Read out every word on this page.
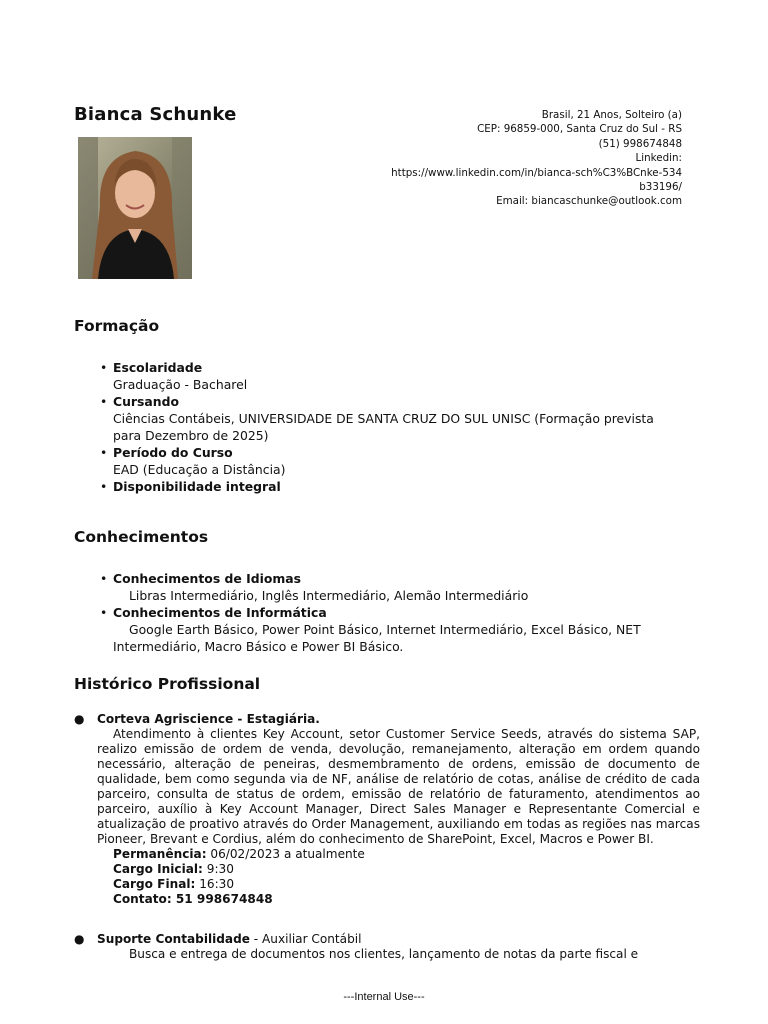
Bianca Schunke	Brasil, 21 Anos, Solteiro (a)
CEP: 96859-000, Santa Cruz do Sul - RS
(51) 998674848
Linkedin:
https://www.linkedin.com/in/bianca-sch%C3%BCnke-534
b33196/
Email: biancaschunke@outlook.com
Formação
• Escolaridade
Graduação - Bacharel
• Cursando
Ciências Contábeis, UNIVERSIDADE DE SANTA CRUZ DO SUL UNISC (Formação prevista
para Dezembro de 2025)
• Período do Curso
EAD (Educação a Distância)
• Disponibilidade integral
Conhecimentos
• Conhecimentos de Idiomas
Libras Intermediário, Inglês Intermediário, Alemão Intermediário
• Conhecimentos de Informática
Google Earth Básico, Power Point Básico, Internet Intermediário, Excel Básico, NET
Intermediário, Macro Básico e Power BI Básico.
Histórico Profissional
● Corteva Agriscience - Estagiária.
Atendimento à clientes Key Account, setor Customer Service Seeds, através do sistema SAP, realizo emissão de ordem de venda, devolução, remanejamento, alteração em ordem quando necessário, alteração de peneiras, desmembramento de ordens, emissão de documento de qualidade, bem como segunda via de NF, análise de relatório de cotas, análise de crédito de cada parceiro, consulta de status de ordem, emissão de relatório de faturamento, atendimentos ao parceiro, auxílio à Key Account Manager, Direct Sales Manager e Representante Comercial e atualização de proativo através do Order Management, auxiliando em todas as regiões nas marcas Pioneer, Brevant e Cordius, além do conhecimento de SharePoint, Excel, Macros e Power BI.
Permanência: 06/02/2023 a atualmente
Cargo Inicial: 9:30
Cargo Final: 16:30
Contato: 51 998674848
● Suporte Contabilidade - Auxiliar Contábil
Busca e entrega de documentos nos clientes, lançamento de notas da parte fiscal e
---Internal Use---
